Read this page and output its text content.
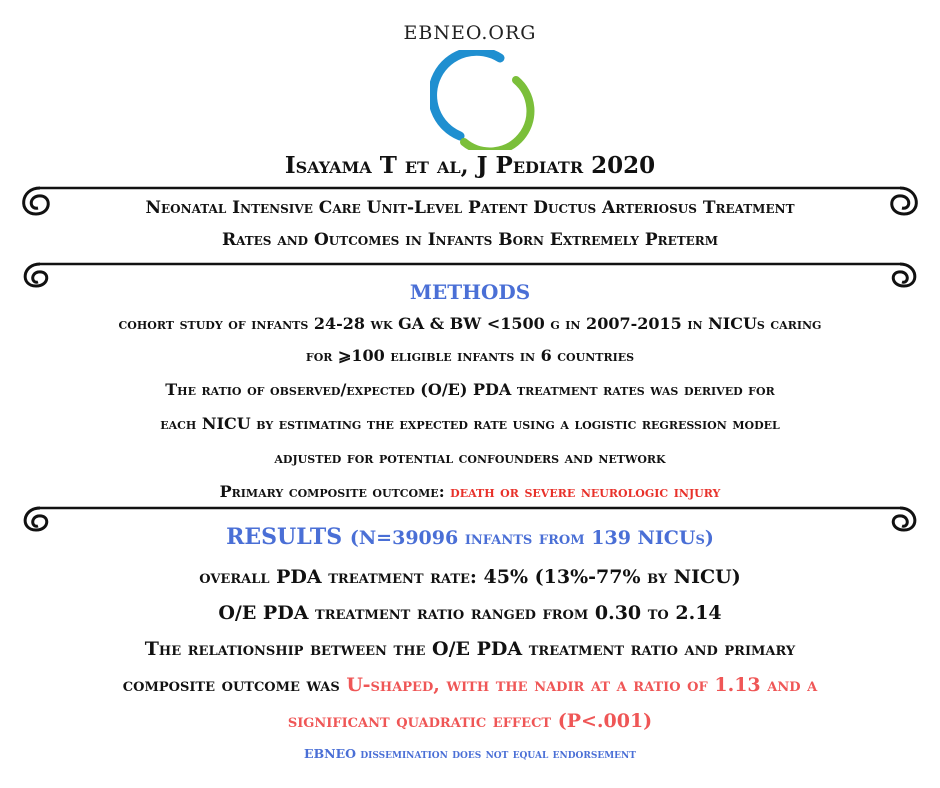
EBNEO.ORG
Isayama T et al, J Pediatr 2020
Neonatal Intensive Care Unit-Level Patent Ductus Arteriosus Treatment
Rates and Outcomes in Infants Born Extremely Preterm
METHODS
cohort study of infants 24-28 wk GA & BW <1500 g in 2007-2015 in NICUs caring
for ⩾100 eligible infants in 6 countries
The ratio of observed/expected (O/E) PDA treatment rates was derived for
each NICU by estimating the expected rate using a logistic regression model
adjusted for potential confounders and network
Primary composite outcome: death or severe neurologic injury
RESULTS (N=39096 infants from 139 NICUs)
overall PDA treatment rate: 45% (13%-77% by NICU)
O/E PDA treatment ratio ranged from 0.30 to 2.14
The relationship between the O/E PDA treatment ratio and primary
composite outcome was U-shaped, with the nadir at a ratio of 1.13 and a
significant quadratic effect (P<.001)
EBNEO dissemination does not equal endorsement
